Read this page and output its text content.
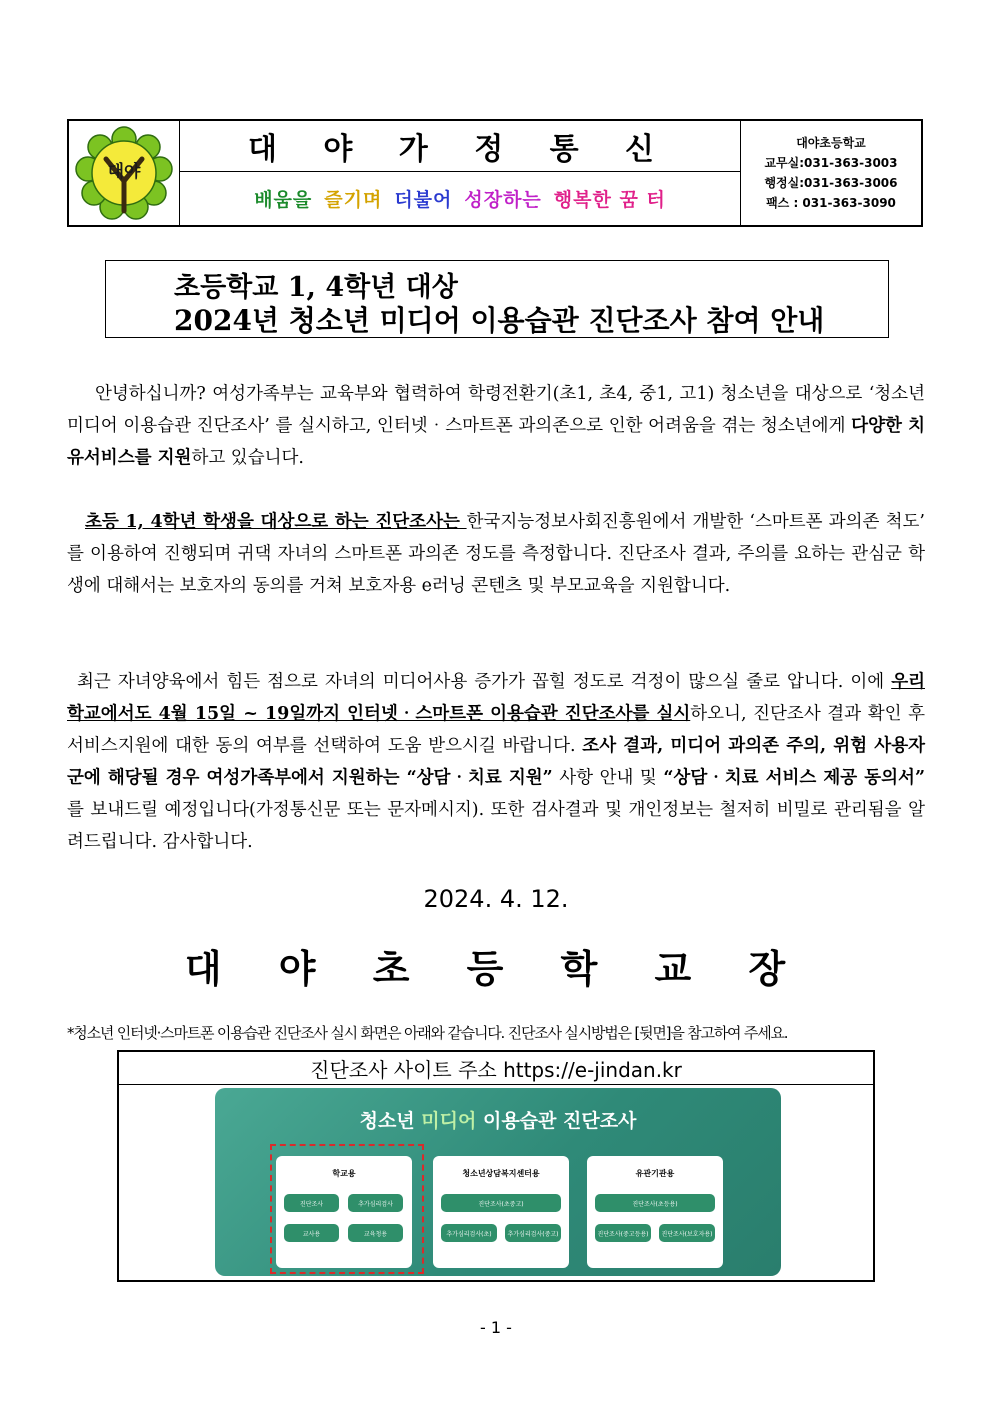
대야
대 야 가 정 통 신
배움을 즐기며 더불어 성장하는 행복한 꿈 터
대야초등학교
교무실:031-363-3003
행정실:031-363-3006
팩스 : 031-363-3090
초등학교 1, 4학년 대상
2024년 청소년 미디어 이용습관 진단조사 참여 안내
안녕하십니까? 여성가족부는 교육부와 협력하여 학령전환기(초1, 초4, 중1, 고1) 청소년을 대상으로 ‘청소년 미디어 이용습관 진단조사’ 를 실시하고, 인터넷‧스마트폰 과의존으로 인한 어려움을 겪는 청소년에게 다양한 치유서비스를 지원하고 있습니다.
초등 1, 4학년 학생을 대상으로 하는 진단조사는 한국지능정보사회진흥원에서 개발한 ‘스마트폰 과의존 척도’ 를 이용하여 진행되며 귀댁 자녀의 스마트폰 과의존 정도를 측정합니다. 진단조사 결과, 주의를 요하는 관심군 학생에 대해서는 보호자의 동의를 거쳐 보호자용 e러닝 콘텐츠 및 부모교육을 지원합니다.
최근 자녀양육에서 힘든 점으로 자녀의 미디어사용 증가가 꼽힐 정도로 걱정이 많으실 줄로 압니다. 이에 우리 학교에서도 4월 15일 ~ 19일까지 인터넷‧스마트폰 이용습관 진단조사를 실시하오니, 진단조사 결과 확인 후 서비스지원에 대한 동의 여부를 선택하여 도움 받으시길 바랍니다. 조사 결과, 미디어 과의존 주의, 위험 사용자군에 해당될 경우 여성가족부에서 지원하는 “상담‧치료 지원” 사항 안내 및 “상담‧치료 서비스 제공 동의서” 를 보내드릴 예정입니다(가정통신문 또는 문자메시지). 또한 검사결과 및 개인정보는 철저히 비밀로 관리됨을 알려드립니다. 감사합니다.
2024. 4. 12.
대 야 초 등 학 교 장
*청소년 인터넷‧스마트폰 이용습관 진단조사 실시 화면은 아래와 같습니다. 진단조사 실시방법은 [뒷면]을 참고하여 주세요.
진단조사 사이트 주소 https://e-jindan.kr
청소년 미디어 이용습관 진단조사
학교용
진단조사	추가심리검사
교사용	교육청용
청소년상담복지센터용
진단조사(초중고)
추가심리검사(초)	추가심리검사(중고)
유관기관용
진단조사(초등용)
진단조사(중고등용)	진단조사(보호자용)
- 1 -
